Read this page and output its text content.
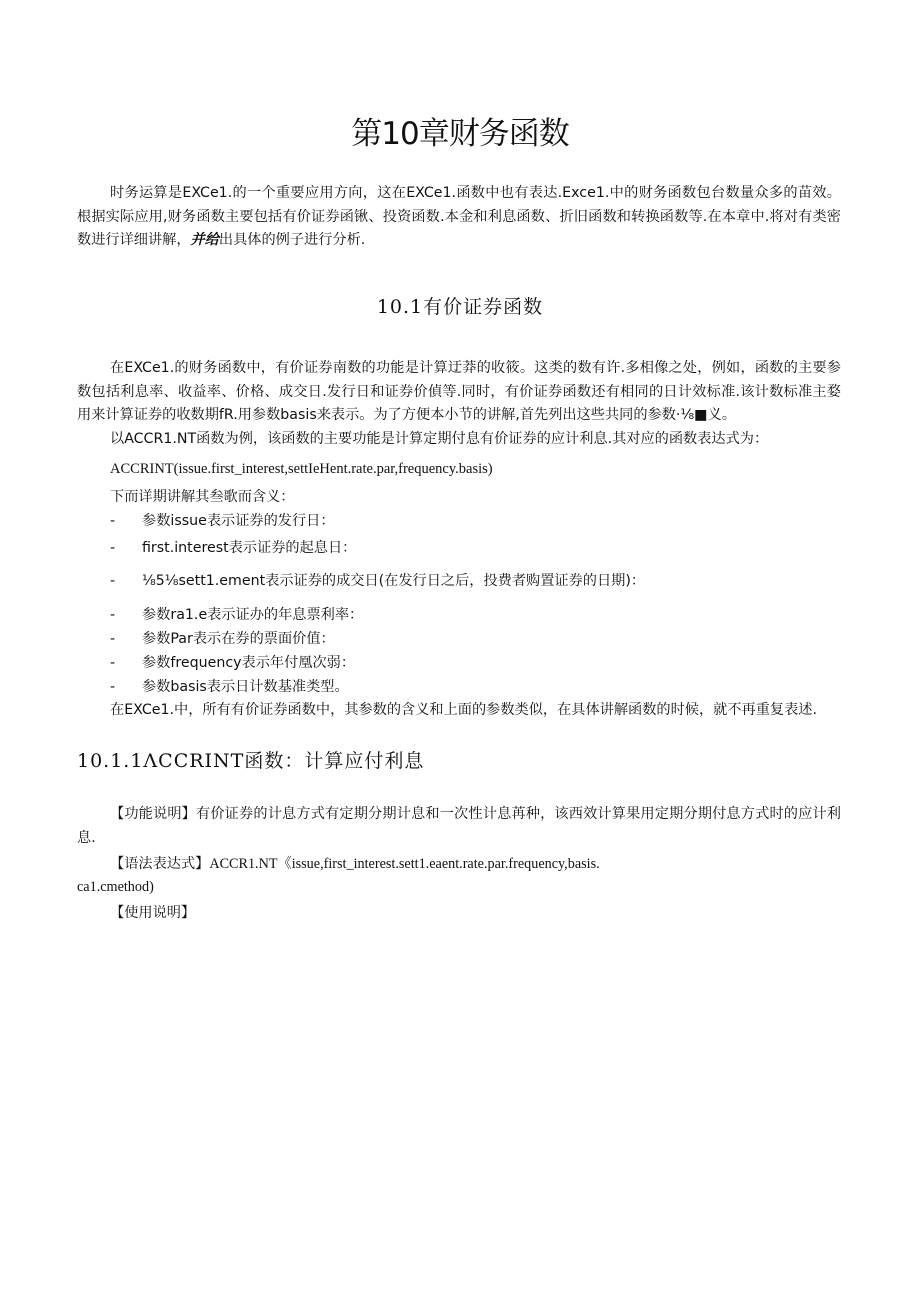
第10章财务函数

时务运算是EXCe1.的一个重要应用方向，这在EXCe1.函数中也有表达.Exce1.中的财务函数包台数量众多的苗效。根据实际应用,财务函数主要包括有价证券函锹、投资函数.本金和利息函数、折旧函数和转换函数等.在本章中.将对有类密数进行详细讲解，并给出具体的例子进行分析.

10.1有价证券函数

在EXCe1.的财务函数中，有价证券南数的功能是计算迂莽的收筱。这类的数有许.多相像之处，例如，函数的主要参数包括利息率、收益率、价格、成交日.发行日和证券价偵等.同时，有价证券函数还有相同的日计效标准.该计数标准主婺用来计算证券的收数期fR.用参数basis来表示。为了方便本小节的讲解,首先列出这些共同的参数·⅛■义。

以ACCR1.NT函数为例，该函数的主要功能是计算定期付息有价证券的应计利息.其对应的函数表达式为：

ACCRINT(issue.first_interest,settIeHent.rate.par,frequency.basis)
下而详期讲解其叁歌而含义：
- 参数issue表示证券的发行日：
- first.interest表示证券的起息日：
- ⅛5⅛sett1.ement表示证券的成交日(在发行日之后，投费者购置证券的日期)：
- 参数ra1.e表示证办的年息票利率：
- 参数Par表示在券的票面价值：
- 参数frequency表示年付凰次弱：
- 参数basis表示日计数基准类型。

在EXCe1.中，所有有价证券函数中，其参数的含义和上面的参数类似，在具体讲解函数的时候，就不再重复表述.

10.1.1ΛCCRINT函数：计算应付利息

【功能说明】有价证券的计息方式有定期分期计息和一次性计息苒种，该西效计算果用定期分期付息方式时的应计利息.

【语法表达式】ACCR1.NT《issue,first_interest.sett1.eaent.rate.par.frequency,basis.
ca1.cmethod)
【使用说明】
